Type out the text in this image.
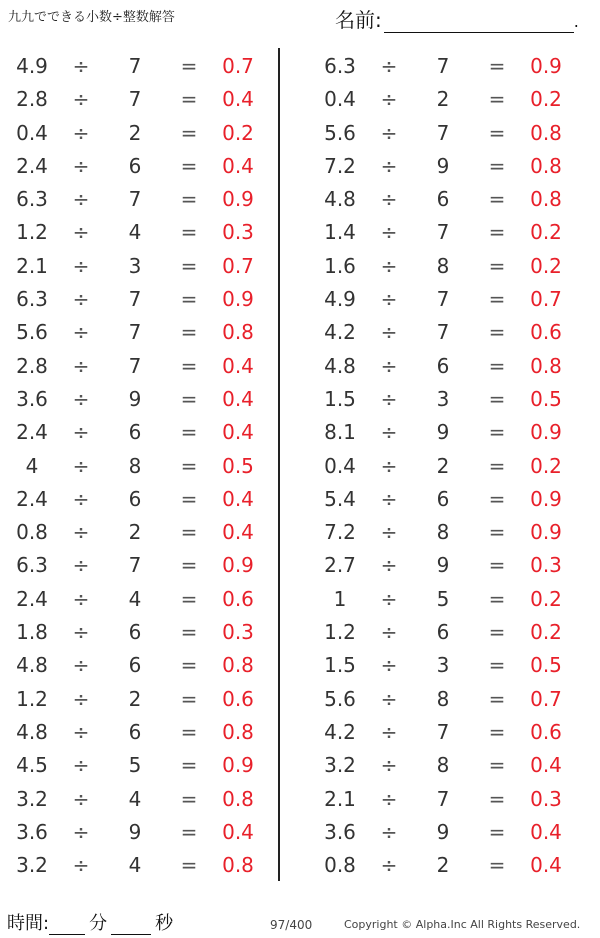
九九でできる小数÷整数解答	名前:	.
4.9	÷ 7 = 0.7
2.8	÷ 7 = 0.4
0.4	÷ 2 = 0.2
2.4	÷ 6 = 0.4
6.3	÷ 7 = 0.9
1.2	÷ 4 = 0.3
2.1	÷ 3 = 0.7
6.3	÷ 7 = 0.9
5.6	÷ 7 = 0.8
2.8	÷ 7 = 0.4
3.6	÷ 9 = 0.4
2.4	÷ 6 = 0.4
4	÷ 8 = 0.5
2.4	÷ 6 = 0.4
0.8	÷ 2 = 0.4
6.3	÷ 7 = 0.9
2.4	÷ 4 = 0.6
1.8	÷ 6 = 0.3
4.8	÷ 6 = 0.8
1.2	÷ 2 = 0.6
4.8	÷ 6 = 0.8
4.5	÷ 5 = 0.9
3.2	÷ 4 = 0.8
3.6	÷ 9 = 0.4
3.2	÷ 4 = 0.8
6.3	÷ 7 = 0.9
0.4	÷ 2 = 0.2
5.6	÷ 7 = 0.8
7.2	÷ 9 = 0.8
4.8	÷ 6 = 0.8
1.4	÷ 7 = 0.2
1.6	÷ 8 = 0.2
4.9	÷ 7 = 0.7
4.2	÷ 7 = 0.6
4.8	÷ 6 = 0.8
1.5	÷ 3 = 0.5
8.1	÷ 9 = 0.9
0.4	÷ 2 = 0.2
5.4	÷ 6 = 0.9
7.2	÷ 8 = 0.9
2.7	÷ 9 = 0.3
1	÷ 5 = 0.2
1.2	÷ 6 = 0.2
1.5	÷ 3 = 0.5
5.6	÷ 8 = 0.7
4.2	÷ 7 = 0.6
3.2	÷ 8 = 0.4
2.1	÷ 7 = 0.3
3.6	÷ 9 = 0.4
0.8	÷ 2 = 0.4
時間: 分	秒	97/400	Copyright © Alpha.Inc All Rights Reserved.
